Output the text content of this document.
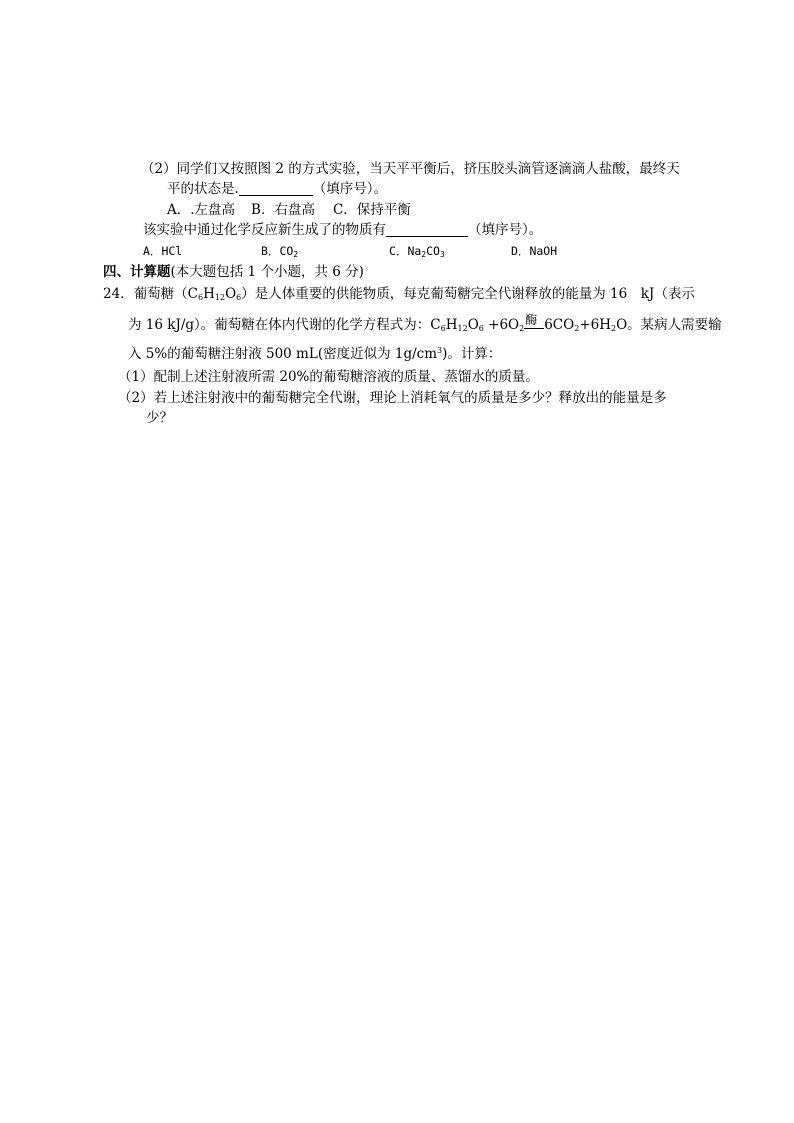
（2）同学们又按照图 2 的方式实验，当天平平衡后，挤压胶头滴管逐滴滴人盐酸，最终天
平的状态是.	（填序号）。
A．.左盘高 B．右盘高 C．保持平衡
该实验中通过化学反应新生成了的物质有	（填序号）。
A．HCl	B．$CO_2$	C．$Na_2CO_3$	D．NaOH
四、计算题(本大题包括 1 个小题，共 6 分)
24．葡萄糖$(C_6H_{12}O_6)$是人体重要的供能物质，每克葡萄糖完全代谢释放的能量为 16　kJ（表示
为 16 kJ/g）。葡萄糖在体内代谢的化学方程式为：$C_6H_{12}O_6 +6O_2$
酶 $6CO_2+6H_2O$。某病人需要输
入 5%的葡萄糖注射液 500 mL(密度近似为 $1g/cm^3$)。计算：
（1）配制上述注射液所需 20%的葡萄糖溶液的质量、蒸馏水的质量。
（2）若上述注射液中的葡萄糖完全代谢，理论上消耗氧气的质量是多少？释放出的能量是多
少？
